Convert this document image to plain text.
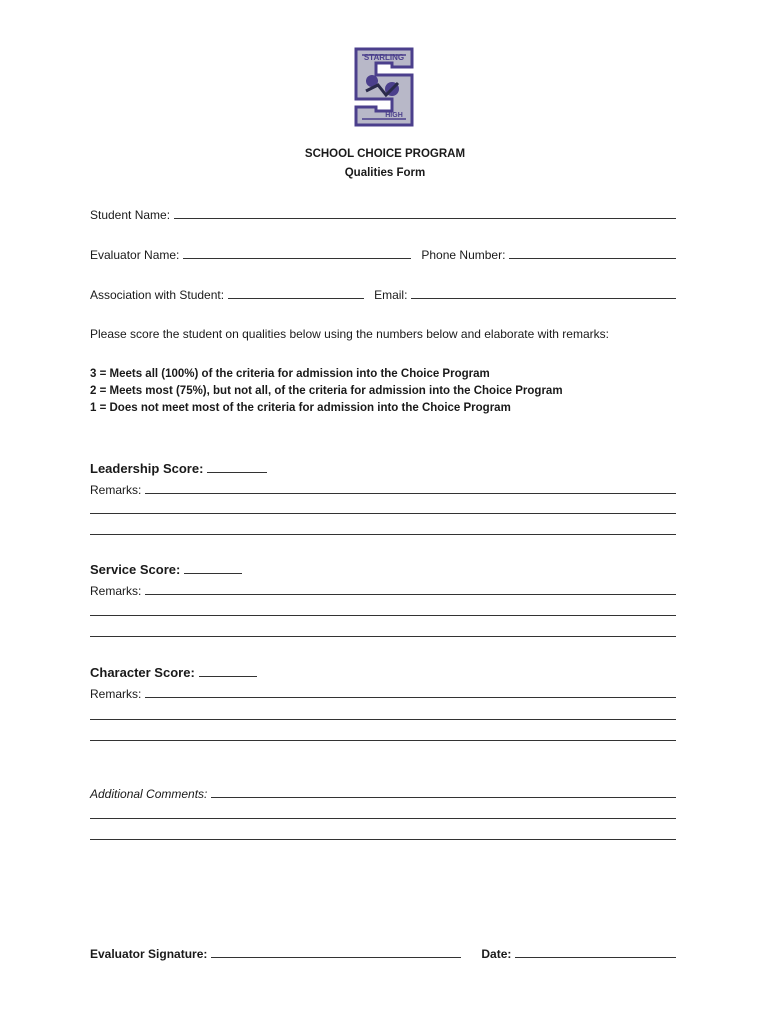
STARLING
HIGH
SCHOOL CHOICE PROGRAM
Qualities Form
Student Name:
Evaluator Name:	Phone Number:
Association with Student:	Email:
Please score the student on qualities below using the numbers below and elaborate with remarks:
3 = Meets all (100%) of the criteria for admission into the Choice Program
2 = Meets most (75%), but not all, of the criteria for admission into the Choice Program
1 = Does not meet most of the criteria for admission into the Choice Program
Leadership Score:
Remarks:
Service Score:
Remarks:
Character Score:
Remarks:
Additional Comments:
Evaluator Signature:	Date:
